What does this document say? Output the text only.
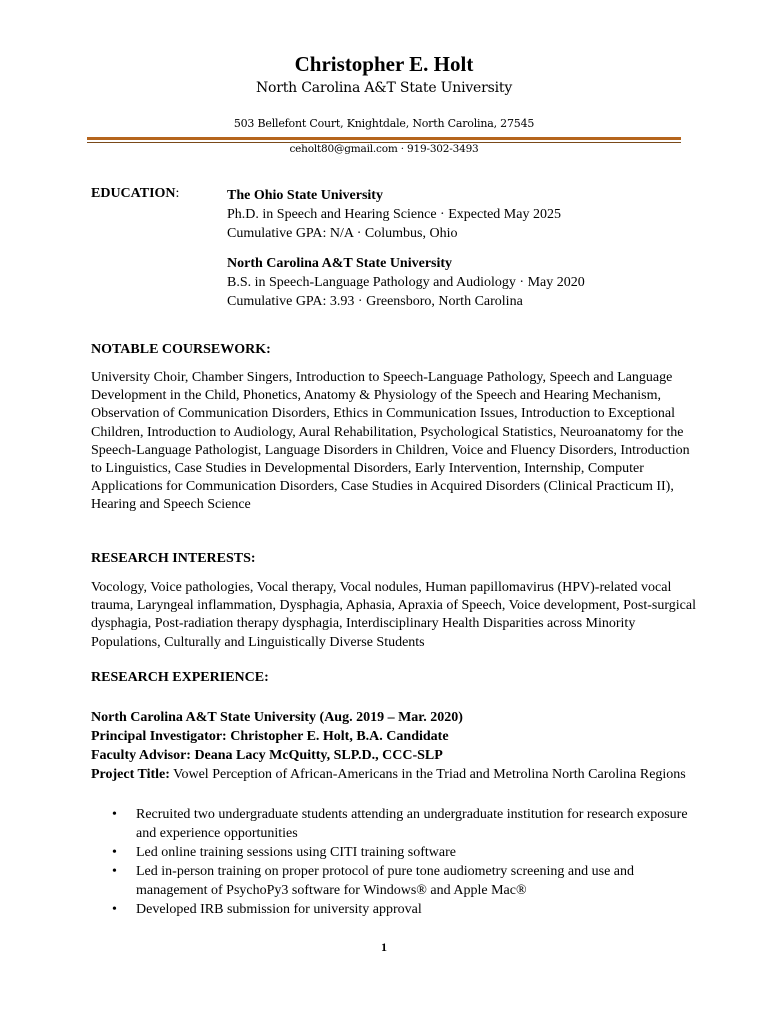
Christopher E. Holt
North Carolina A&T State University
503 Bellefont Court, Knightdale, North Carolina, 27545
ceholt80@gmail.com · 919-302-3493
EDUCATION:	The Ohio State University
Ph.D. in Speech and Hearing Science · Expected May 2025
Cumulative GPA: N/A · Columbus, Ohio
North Carolina A&T State University
B.S. in Speech-Language Pathology and Audiology · May 2020
Cumulative GPA: 3.93 · Greensboro, North Carolina
NOTABLE COURSEWORK:
University Choir, Chamber Singers, Introduction to Speech-Language Pathology, Speech and Language Development in the Child, Phonetics, Anatomy & Physiology of the Speech and Hearing Mechanism, Observation of Communication Disorders, Ethics in Communication Issues, Introduction to Exceptional Children, Introduction to Audiology, Aural Rehabilitation, Psychological Statistics, Neuroanatomy for the Speech-Language Pathologist, Language Disorders in Children, Voice and Fluency Disorders, Introduction to Linguistics, Case Studies in Developmental Disorders, Early Intervention, Internship, Computer Applications for Communication Disorders, Case Studies in Acquired Disorders (Clinical Practicum II), Hearing and Speech Science
RESEARCH INTERESTS:
Vocology, Voice pathologies, Vocal therapy, Vocal nodules, Human papillomavirus (HPV)-related vocal trauma, Laryngeal inflammation, Dysphagia, Aphasia, Apraxia of Speech, Voice development, Post-surgical dysphagia, Post-radiation therapy dysphagia, Interdisciplinary Health Disparities across Minority Populations, Culturally and Linguistically Diverse Students
RESEARCH EXPERIENCE:
North Carolina A&T State University (Aug. 2019 – Mar. 2020)
Principal Investigator: Christopher E. Holt, B.A. Candidate
Faculty Advisor: Deana Lacy McQuitty, SLP.D., CCC-SLP
Project Title: Vowel Perception of African-Americans in the Triad and Metrolina North Carolina Regions
• Recruited two undergraduate students attending an undergraduate institution for research exposure and experience opportunities
• Led online training sessions using CITI training software
• Led in-person training on proper protocol of pure tone audiometry screening and use and management of PsychoPy3 software for Windows® and Apple Mac®
• Developed IRB submission for university approval
1
